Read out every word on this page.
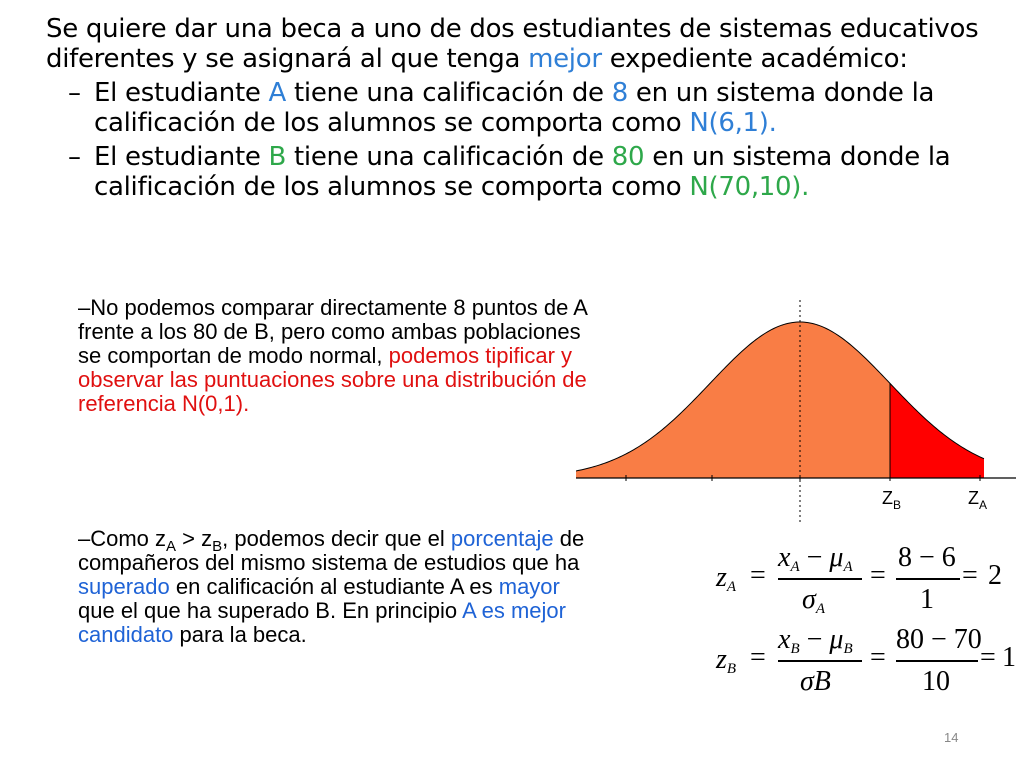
Se quiere dar una beca a uno de dos estudiantes de sistemas educativos diferentes y se asignará al que tenga mejor expediente académico:

– El estudiante A tiene una calificación de 8 en un sistema donde la calificación de los alumnos se comporta como N(6,1).
– El estudiante B tiene una calificación de 80 en un sistema donde la calificación de los alumnos se comporta como N(70,10).

–No podemos comparar directamente 8 puntos de A frente a los 80 de B, pero como ambas poblaciones se comportan de modo normal, podemos tipificar y observar las puntuaciones sobre una distribución de referencia N(0,1).

–Como $z_A > z_B$, podemos decir que el porcentaje de compañeros del mismo sistema de estudios que ha superado en calificación al estudiante A es mayor que el que ha superado B. En principio A es mejor candidato para la beca.

$Z_B$	$Z_A$
$z_A$ =
$x_A - \mu_A$
$\sigma_A$
=
8 − 6
1
= 2
$z_B$ =
$x_B - \mu_B$
σB
=
80 − 70
10
= 1
14
